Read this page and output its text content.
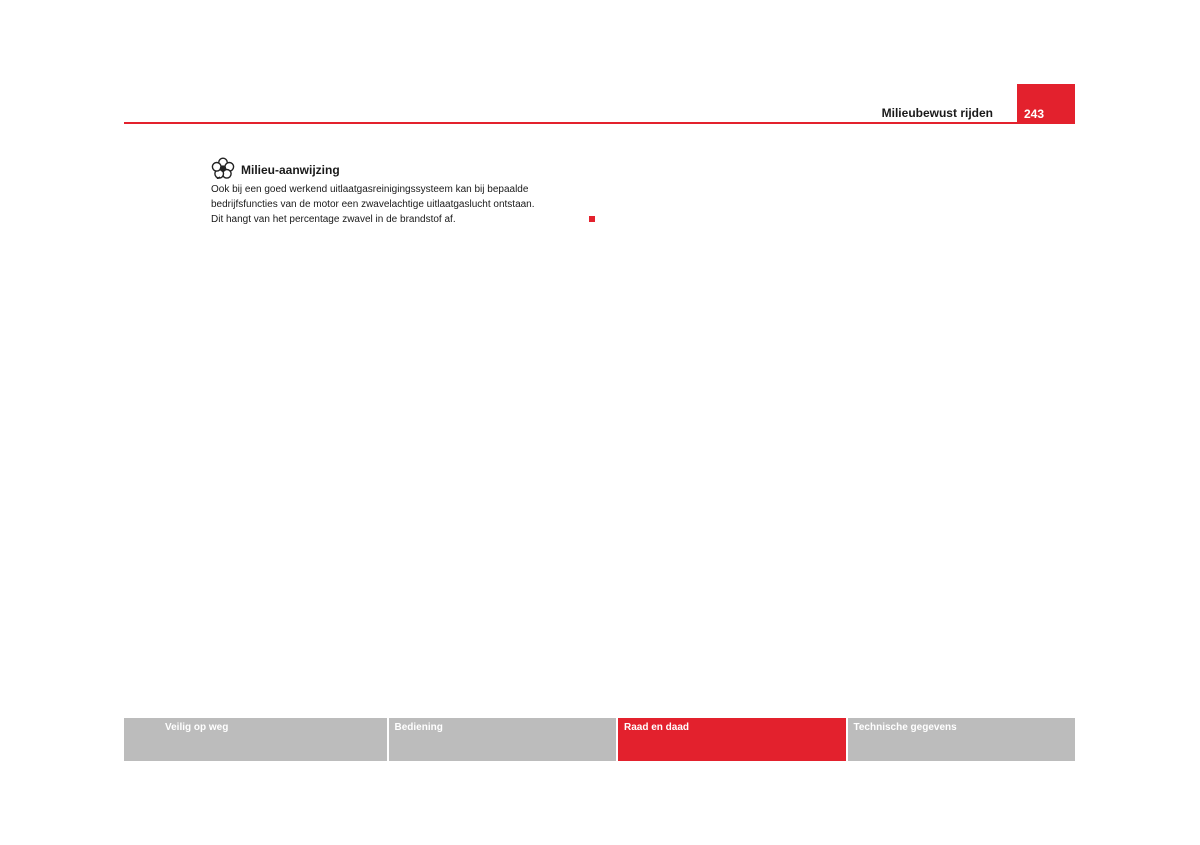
Milieubewust rijden	243
Milieu-aanwijzing
Ook bij een goed werkend uitlaatgasreinigingssysteem kan bij bepaalde
bedrijfsfuncties van de motor een zwavelachtige uitlaatgaslucht ontstaan.
Dit hangt van het percentage zwavel in de brandstof af.
Veilig op weg	Bediening	Raad en daad	Technische gegevens
